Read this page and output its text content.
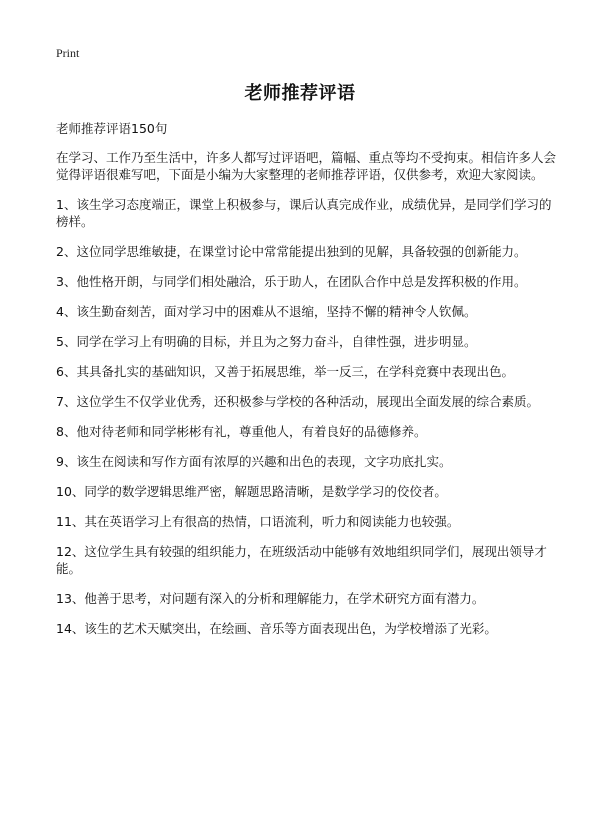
Print
老师推荐评语
老师推荐评语150句

在学习、工作乃至生活中，许多人都写过评语吧，篇幅、重点等均不受拘束。相信许多人会觉得评语很难写吧，下面是小编为大家整理的老师推荐评语，仅供参考，欢迎大家阅读。

1、该生学习态度端正，课堂上积极参与，课后认真完成作业，成绩优异，是同学们学习的榜样。

2、这位同学思维敏捷，在课堂讨论中常常能提出独到的见解，具备较强的创新能力。

3、他性格开朗，与同学们相处融洽，乐于助人，在团队合作中总是发挥积极的作用。

4、该生勤奋刻苦，面对学习中的困难从不退缩，坚持不懈的精神令人钦佩。

5、同学在学习上有明确的目标，并且为之努力奋斗，自律性强，进步明显。

6、其具备扎实的基础知识，又善于拓展思维，举一反三，在学科竞赛中表现出色。

7、这位学生不仅学业优秀，还积极参与学校的各种活动，展现出全面发展的综合素质。

8、他对待老师和同学彬彬有礼，尊重他人，有着良好的品德修养。

9、该生在阅读和写作方面有浓厚的兴趣和出色的表现，文字功底扎实。

10、同学的数学逻辑思维严密，解题思路清晰，是数学学习的佼佼者。

11、其在英语学习上有很高的热情，口语流利，听力和阅读能力也较强。

12、这位学生具有较强的组织能力，在班级活动中能够有效地组织同学们，展现出领导才能。

13、他善于思考，对问题有深入的分析和理解能力，在学术研究方面有潜力。

14、该生的艺术天赋突出，在绘画、音乐等方面表现出色，为学校增添了光彩。
